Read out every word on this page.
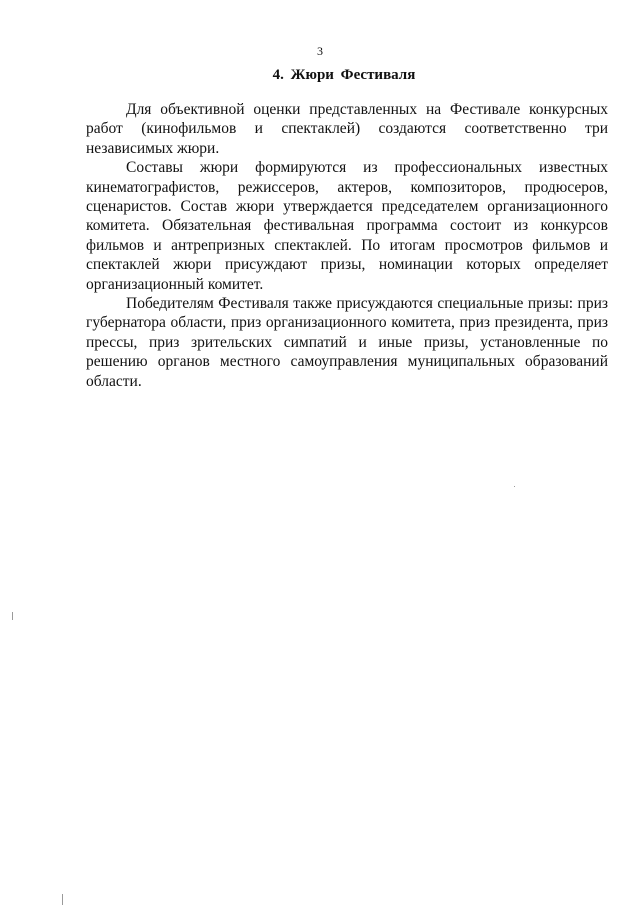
3
4. Жюри Фестиваля

Для объективной оценки представленных на Фестивале конкурсных работ (кинофильмов и спектаклей) создаются соответственно три независимых жюри.

Составы жюри формируются из профессиональных известных кинематографистов, режиссеров, актеров, композиторов, продюсеров, сценаристов. Состав жюри утверждается председателем организационного комитета. Обязательная фестивальная программа состоит из конкурсов фильмов и антрепризных спектаклей. По итогам просмотров фильмов и спектаклей жюри присуждают призы, номинации которых определяет организационный комитет.

Победителям Фестиваля также присуждаются специальные призы: приз губернатора области, приз организационного комитета, приз президента, приз прессы, приз зрительских симпатий и иные призы, установленные по решению органов местного самоуправления муниципальных образований области.
